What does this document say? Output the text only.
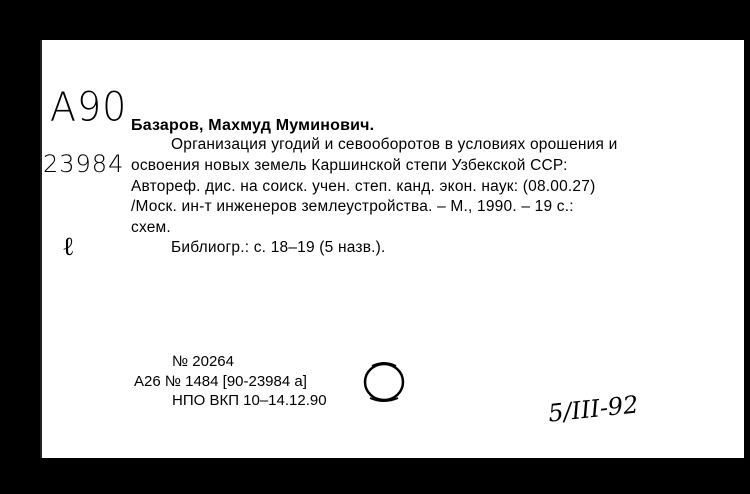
A90
23984
ℓ
Базаров, Махмуд Муминович.
Организация угодий и севооборотов в условиях орошения и
освоения новых земель Каршинской степи Узбекской ССР:
Автореф. дис. на соиск. учен. степ. канд. экон. наук: (08.00.27)
/Моск. ин-т инженеров землеустройства. – М., 1990. – 19 с.:
схем.
Библиогр.: с. 18–19 (5 назв.).
№ 20264
А26 № 1484 [90-23984 а]
НПО ВКП 10–14.12.90	5/III-92
